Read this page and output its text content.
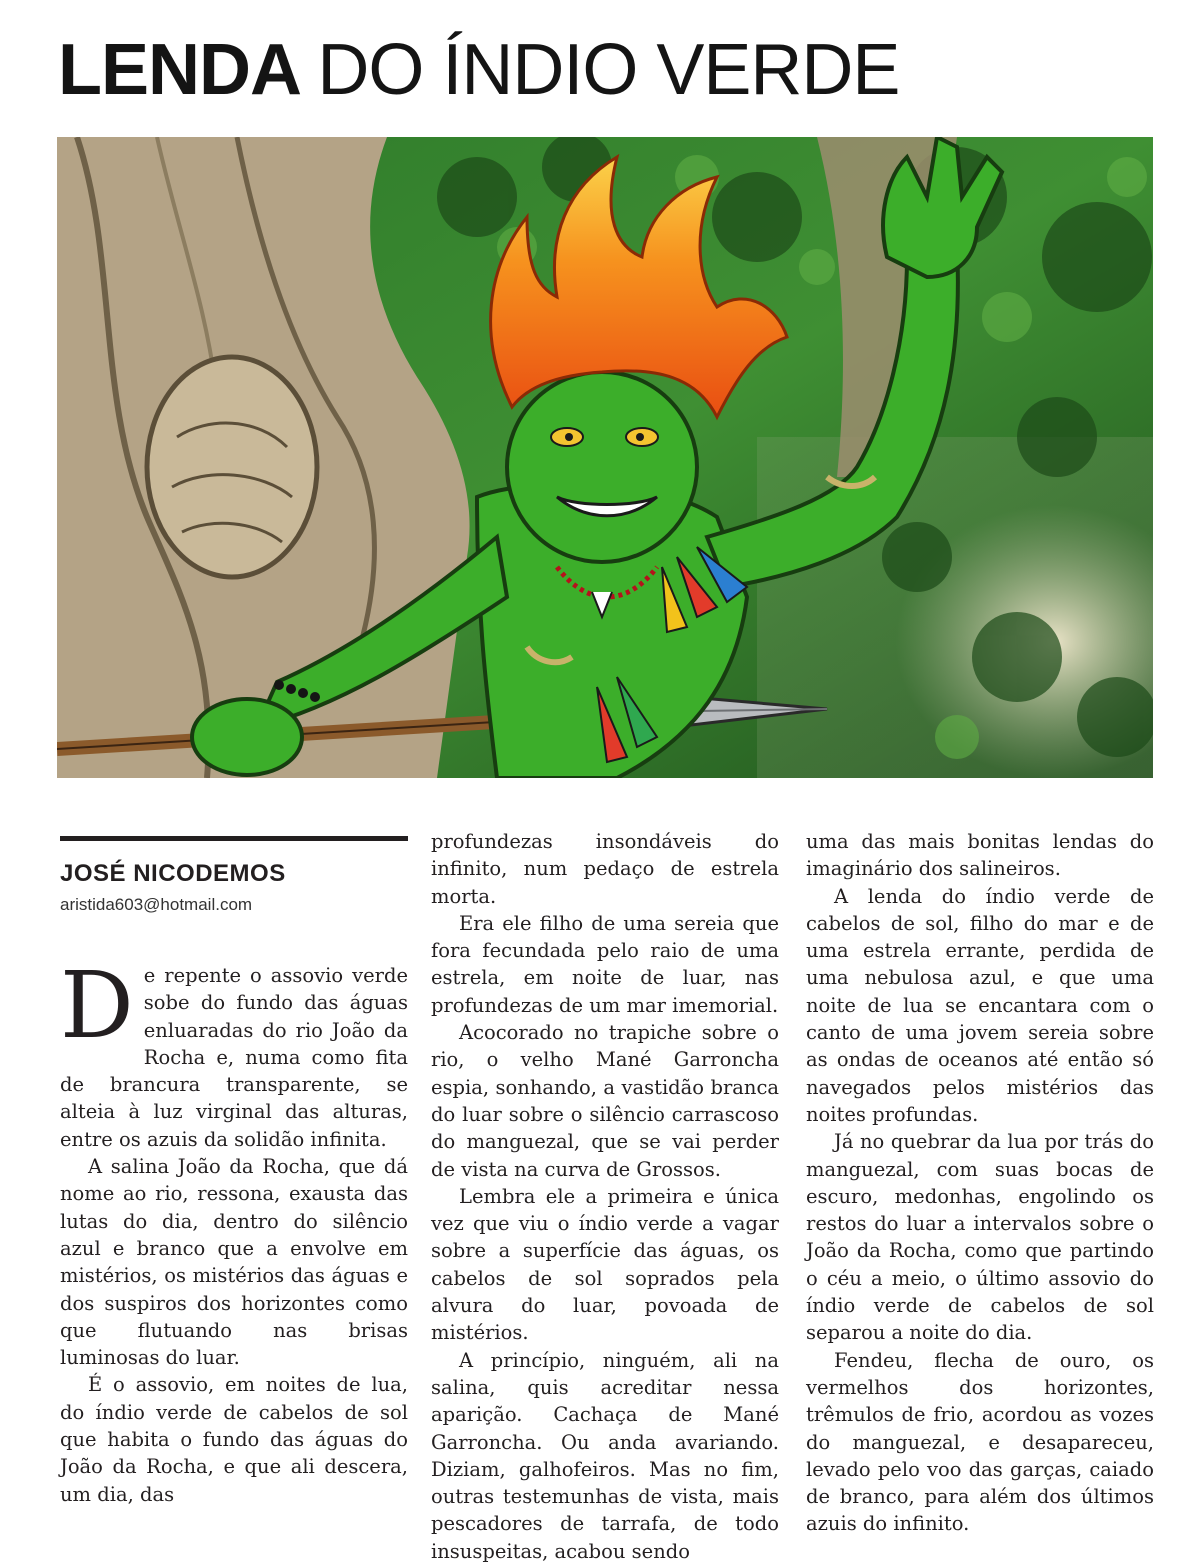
LENDA DO ÍNDIO VERDE

JOSÉ NICODEMOS

aristida603@hotmail.com

De repente o assovio verde sobe do fundo das águas enluaradas do rio João da Rocha e, numa como fita de brancura transparente, se alteia à luz virginal das alturas, entre os azuis da solidão infinita.

A salina João da Rocha, que dá nome ao rio, ressona, exausta das lutas do dia, dentro do silêncio azul e branco que a envolve em mistérios, os mistérios das águas e dos suspiros dos horizontes como que flutuando nas brisas luminosas do luar.

É o assovio, em noites de lua, do índio verde de cabelos de sol que habita o fundo das águas do João da Rocha, e que ali descera, um dia, das

profundezas insondáveis do infinito, num pedaço de estrela morta.

Era ele filho de uma sereia que fora fecundada pelo raio de uma estrela, em noite de luar, nas profundezas de um mar imemorial.

Acocorado no trapiche sobre o rio, o velho Mané Garroncha espia, sonhando, a vastidão branca do luar sobre o silêncio carrascoso do manguezal, que se vai perder de vista na curva de Grossos.

Lembra ele a primeira e única vez que viu o índio verde a vagar sobre a superfície das águas, os cabelos de sol soprados pela alvura do luar, povoada de mistérios.

A princípio, ninguém, ali na salina, quis acreditar nessa aparição. Cachaça de Mané Garroncha. Ou anda avariando. Diziam, galhofeiros. Mas no fim, outras testemunhas de vista, mais pescadores de tarrafa, de todo insuspeitas, acabou sendo

uma das mais bonitas lendas do imaginário dos salineiros.

A lenda do índio verde de cabelos de sol, filho do mar e de uma estrela errante, perdida de uma nebulosa azul, e que uma noite de lua se encantara com o canto de uma jovem sereia sobre as ondas de oceanos até então só navegados pelos mistérios das noites profundas.

Já no quebrar da lua por trás do manguezal, com suas bocas de escuro, medonhas, engolindo os restos do luar a intervalos sobre o João da Rocha, como que partindo o céu a meio, o último assovio do índio verde de cabelos de sol separou a noite do dia.

Fendeu, flecha de ouro, os vermelhos dos horizontes, trêmulos de frio, acordou as vozes do manguezal, e desapareceu, levado pelo voo das garças, caiado de branco, para além dos últimos azuis do infinito.
